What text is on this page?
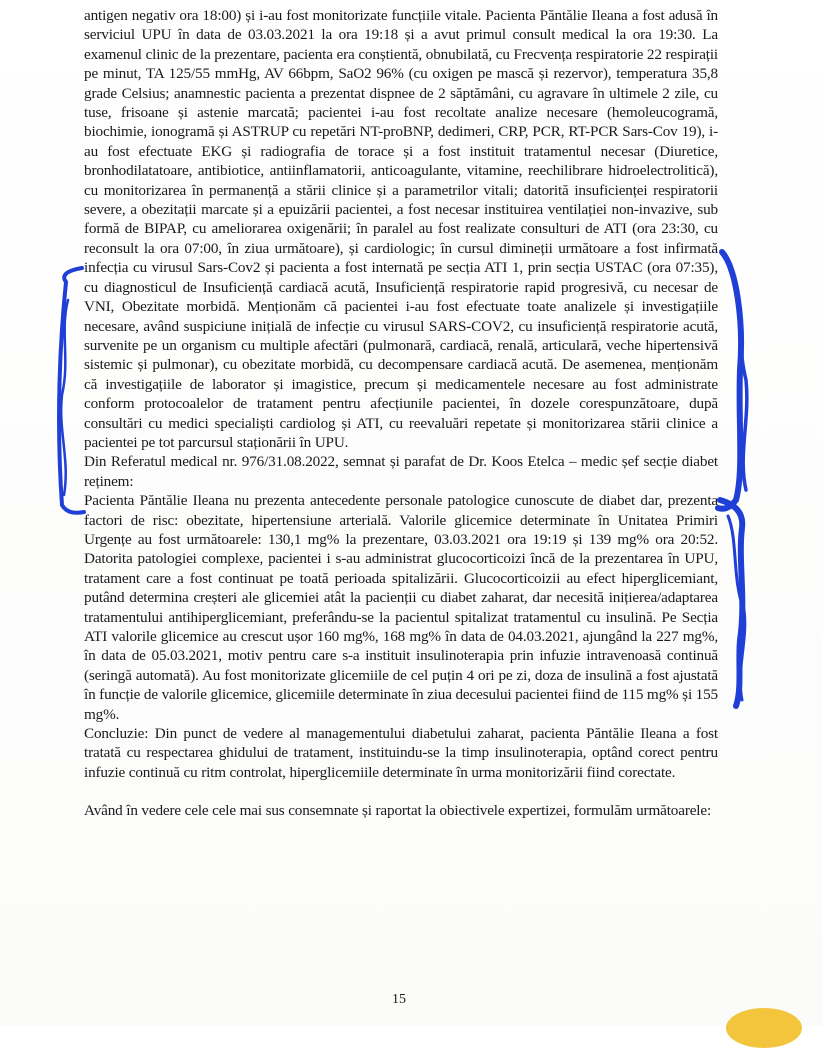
antigen negativ ora 18:00) și i-au fost monitorizate funcțiile vitale. Pacienta Păntălie Ileana a fost adusă în serviciul UPU în data de 03.03.2021 la ora 19:18 și a avut primul consult medical la ora 19:30. La examenul clinic de la prezentare, pacienta era conștientă, obnubilată, cu Frecvența respiratorie 22 respirații pe minut, TA 125/55 mmHg, AV 66bpm, SaO2 96% (cu oxigen pe mască și rezervor), temperatura 35,8 grade Celsius; anamnestic pacienta a prezentat dispnee de 2 săptămâni, cu agravare în ultimele 2 zile, cu tuse, frisoane și astenie marcată; pacientei i-au fost recoltate analize necesare (hemoleucogramă, biochimie, ionogramă și ASTRUP cu repetări NT-proBNP, dedimeri, CRP, PCR, RT-PCR Sars-Cov 19), i-au fost efectuate EKG și radiografia de torace și a fost instituit tratamentul necesar (Diuretice, bronhodilatatoare, antibiotice, antiinflamatorii, anticoagulante, vitamine, reechilibrare hidroelectrolitică), cu monitorizarea în permanență a stării clinice și a parametrilor vitali; datorită insuficienței respiratorii severe, a obezitații marcate și a epuizării pacientei, a fost necesar instituirea ventilației non-invazive, sub formă de BIPAP, cu ameliorarea oxigenării; în paralel au fost realizate consulturi de ATI (ora 23:30, cu reconsult la ora 07:00, în ziua următoare), și cardiologic; în cursul dimineții următoare a fost infirmată infecția cu virusul Sars-Cov2 și pacienta a fost internată pe secția ATI 1, prin secția USTAC (ora 07:35), cu diagnosticul de Insuficiență cardiacă acută, Insuficiență respiratorie rapid progresivă, cu necesar de VNI, Obezitate morbidă. Menționăm că pacientei i-au fost efectuate toate analizele și investigațiile necesare, având suspiciune inițială de infecție cu virusul SARS-COV2, cu insuficiență respiratorie acută, survenite pe un organism cu multiple afectări (pulmonară, cardiacă, renală, articulară, veche hipertensivă sistemic și pulmonar), cu obezitate morbidă, cu decompensare cardiacă acută. De asemenea, menționăm că investigațiile de laborator și imagistice, precum și medicamentele necesare au fost administrate conform protocoalelor de tratament pentru afecțiunile pacientei, în dozele corespunzătoare, după consultări cu medici specialiști cardiolog și ATI, cu reevaluări repetate și monitorizarea stării clinice a pacientei pe tot parcursul staționării în UPU.

Din Referatul medical nr. 976/31.08.2022, semnat și parafat de Dr. Koos Etelca – medic șef secție diabet reținem:

Pacienta Păntălie Ileana nu prezenta antecedente personale patologice cunoscute de diabet dar, prezenta factori de risc: obezitate, hipertensiune arterială. Valorile glicemice determinate în Unitatea Primiri Urgențe au fost următoarele: 130,1 mg% la prezentare, 03.03.2021 ora 19:19 și 139 mg% ora 20:52. Datorita patologiei complexe, pacientei i s-au administrat glucocorticoizi încă de la prezentarea în UPU, tratament care a fost continuat pe toată perioada spitalizării. Glucocorticoizii au efect hiperglicemiant, putând determina creșteri ale glicemiei atât la pacienții cu diabet zaharat, dar necesită inițierea/adaptarea tratamentului antihiperglicemiant, preferându-se la pacientul spitalizat tratamentul cu insulină. Pe Secția ATI valorile glicemice au crescut ușor 160 mg%, 168 mg% în data de 04.03.2021, ajungând la 227 mg%, în data de 05.03.2021, motiv pentru care s-a instituit insulinoterapia prin infuzie intravenoasă continuă (seringă automată). Au fost monitorizate glicemiile de cel puțin 4 ori pe zi, doza de insulină a fost ajustată în funcție de valorile glicemice, glicemiile determinate în ziua decesului pacientei fiind de 115 mg% și 155 mg%.

Concluzie: Din punct de vedere al managementului diabetului zaharat, pacienta Păntălie Ileana a fost tratată cu respectarea ghidului de tratament, instituindu-se la timp insulinoterapia, optând corect pentru infuzie continuă cu ritm controlat, hiperglicemiile determinate în urma monitorizării fiind corectate.

Având în vedere cele cele mai sus consemnate și raportat la obiectivele expertizei, formulăm următoarele:

15
